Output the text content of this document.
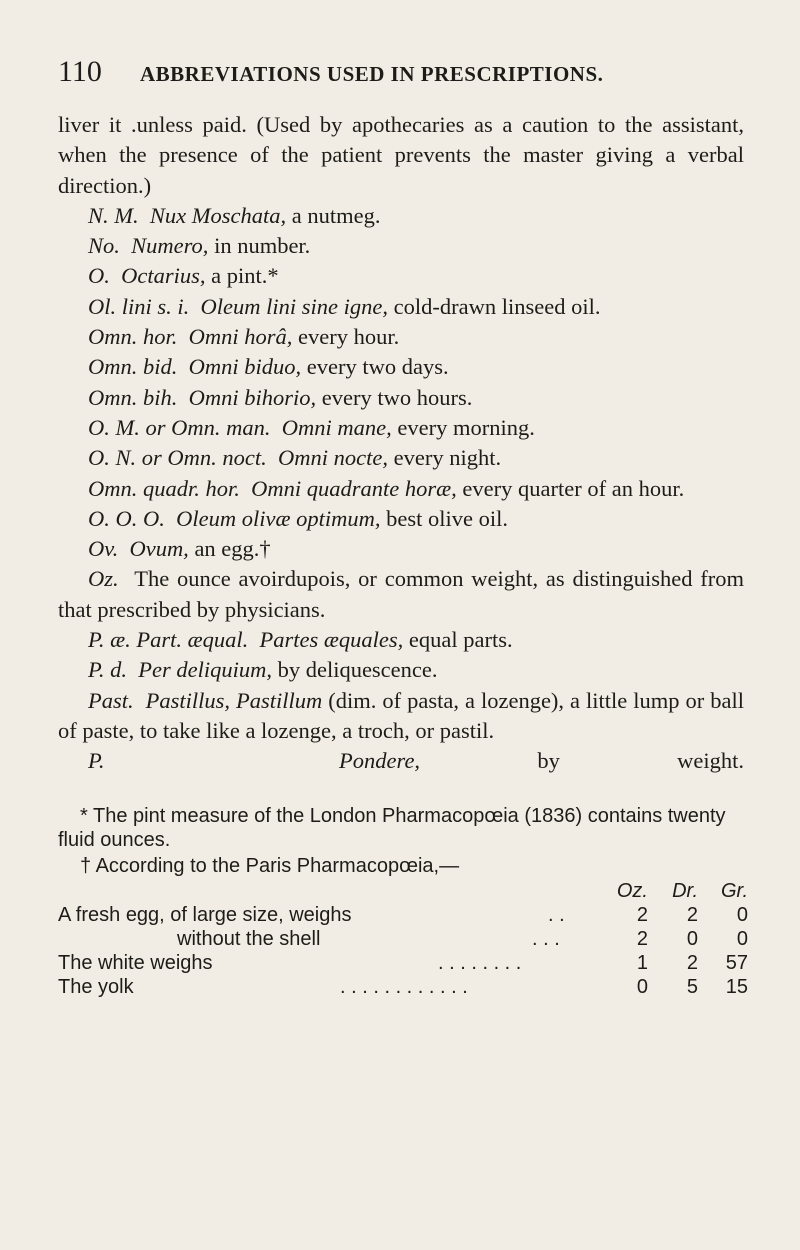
110 ABBREVIATIONS USED IN PRESCRIPTIONS.

liver it .unless paid. (Used by apothecaries as a caution to the assistant, when the presence of the patient prevents the master giving a verbal direction.)

N. M. Nux Moschata, a nutmeg.

No. Numero, in number.

O. Octarius, a pint.*

Ol. lini s. i. Oleum lini sine igne, cold-drawn linseed oil.

Omn. hor. Omni horâ, every hour.

Omn. bid. Omni biduo, every two days.

Omn. bih. Omni bihorio, every two hours.

O. M. or Omn. man. Omni mane, every morning.

O. N. or Omn. noct. Omni nocte, every night.

Omn. quadr. hor. Omni quadrante horæ, every quarter of an hour.

O. O. O. Oleum olivæ optimum, best olive oil.

Ov. Ovum, an egg.†

Oz. The ounce avoirdupois, or common weight, as distinguished from that prescribed by physicians.

P. æ. Part. æqual. Partes æquales, equal parts.

P. d. Per deliquium, by deliquescence.

Past. Pastillus, Pastillum (dim. of pasta, a lozenge), a little lump or ball of paste, to take like a lozenge, a troch, or pastil.

P.	Pondere, by weight.

* The pint measure of the London Pharmacopœia (1836) contains twenty fluid ounces.

† According to the Paris Pharmacopœia,—

Oz.	Dr.	Gr.
A fresh egg, of large size, weighs	. .	2	2	0
without the shell	. . .	2	0	0
The white weighs	. . . . . . . .	1	2	57
The yolk	. . . . . . . . . . . .	0	5	15
